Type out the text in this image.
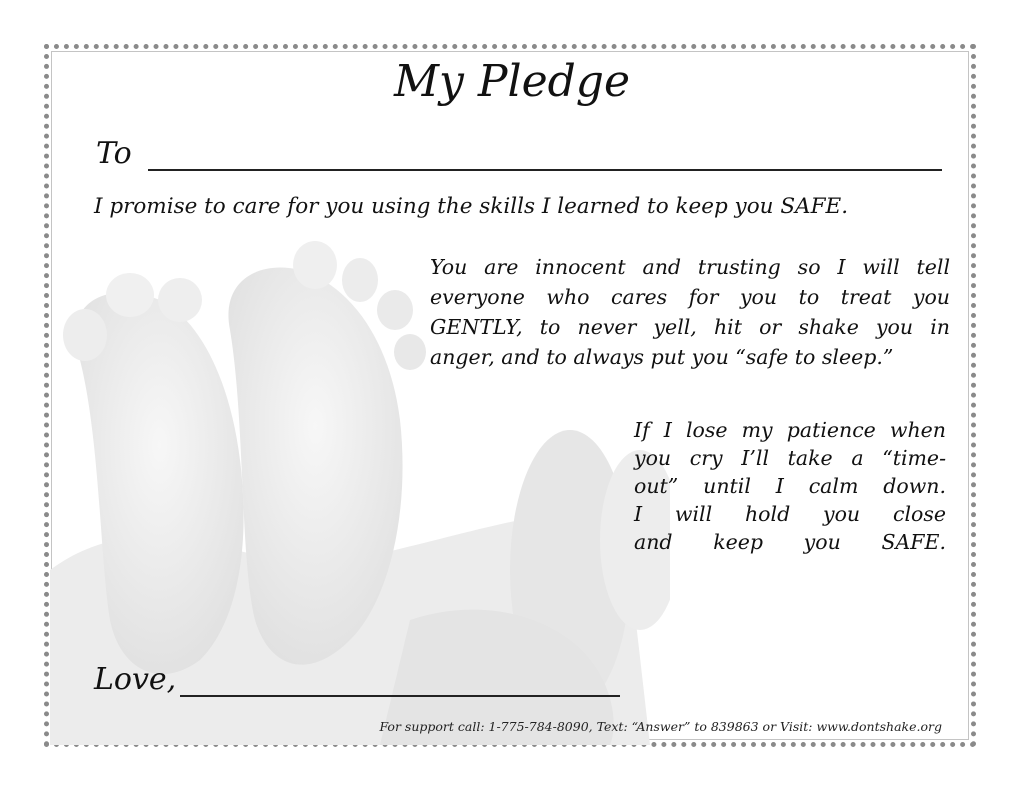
My Pledge
To
I promise to care for you using the skills I learned to keep you SAFE.
You are innocent and trusting so I will tell
everyone who cares for you to treat you
GENTLY, to never yell, hit or shake you in
anger, and to always put you “safe to sleep.”
If I lose my patience when
you cry I’ll take a “time-
out” until I calm down.
I will hold you close
and keep you SAFE.
Love,
For support call: 1-775-784-8090, Text: “Answer” to 839863 or Visit: www.dontshake.org
